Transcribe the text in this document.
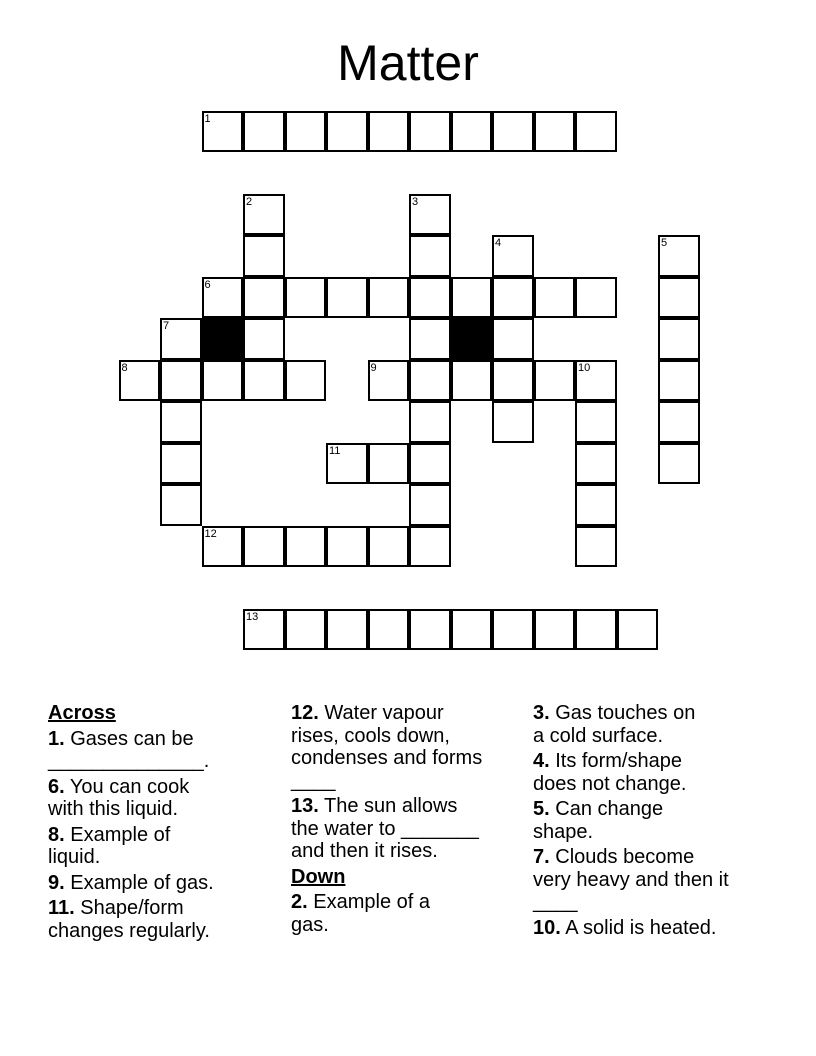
Matter
1
2	3
4	5
6
7
8	9	10
11
12
13
Across
1. Gases can be
______________.
6. You can cook
with this liquid.
8. Example of
liquid.
9. Example of gas.
11. Shape/form
changes regularly.
12. Water vapour
rises, cools down,
condenses and forms
____
13. The sun allows
the water to _______
and then it rises.
Down
2. Example of a
gas.
3. Gas touches on
a cold surface.
4. Its form/shape
does not change.
5. Can change
shape.
7. Clouds become
very heavy and then it
____
10. A solid is heated.
